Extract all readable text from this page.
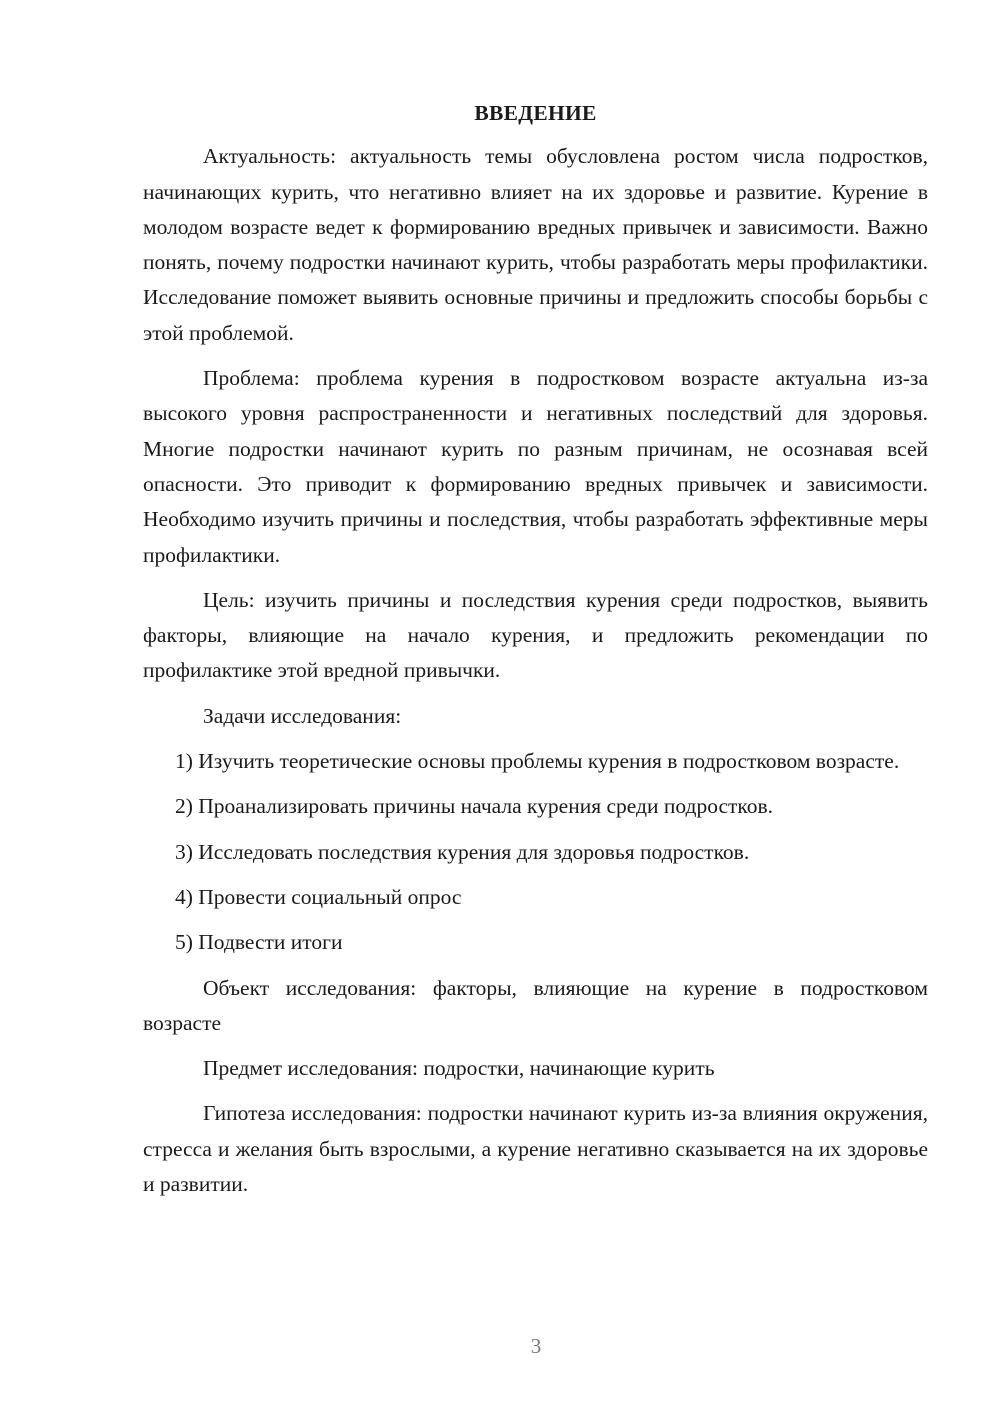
ВВЕДЕНИЕ

Актуальность: актуальность темы обусловлена ростом числа подростков, начинающих курить, что негативно влияет на их здоровье и развитие. Курение в молодом возрасте ведет к формированию вредных привычек и зависимости. Важно понять, почему подростки начинают курить, чтобы разработать меры профилактики. Исследование поможет выявить основные причины и предложить способы борьбы с этой проблемой.

Проблема: проблема курения в подростковом возрасте актуальна из-за высокого уровня распространенности и негативных последствий для здоровья. Многие подростки начинают курить по разным причинам, не осознавая всей опасности. Это приводит к формированию вредных привычек и зависимости. Необходимо изучить причины и последствия, чтобы разработать эффективные меры профилактики.

Цель: изучить причины и последствия курения среди подростков, выявить факторы, влияющие на начало курения, и предложить рекомендации по профилактике этой вредной привычки.

Задачи исследования:

1) Изучить теоретические основы проблемы курения в подростковом возрасте.

2) Проанализировать причины начала курения среди подростков.

3) Исследовать последствия курения для здоровья подростков.

4) Провести социальный опрос

5) Подвести итоги

Объект исследования: факторы, влияющие на курение в подростковом возрасте

Предмет исследования: подростки, начинающие курить

Гипотеза исследования: подростки начинают курить из-за влияния окружения, стресса и желания быть взрослыми, а курение негативно сказывается на их здоровье и развитии.

3
